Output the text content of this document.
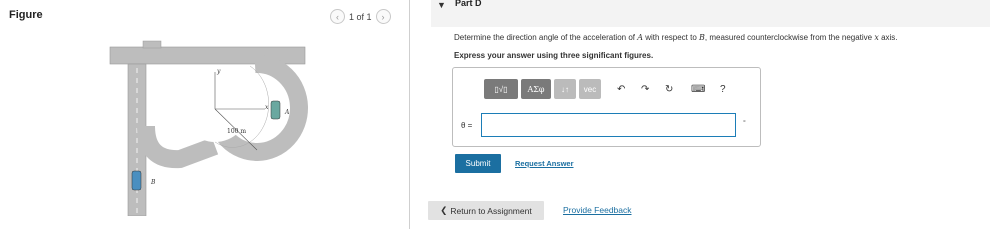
Figure	‹	1 of 1	›
y
x
100 m
A
B
▼ Part D
Determine the direction angle of the acceleration of A with respect to B, measured counterclockwise from the negative x axis.
Express your answer using three significant figures.
▯√▯	ΑΣφ	↓↑	vec	↶ ↷ ↻ ⌨ ?
θ =	°
Submit	Request Answer
❮ Return to Assignment	Provide Feedback
